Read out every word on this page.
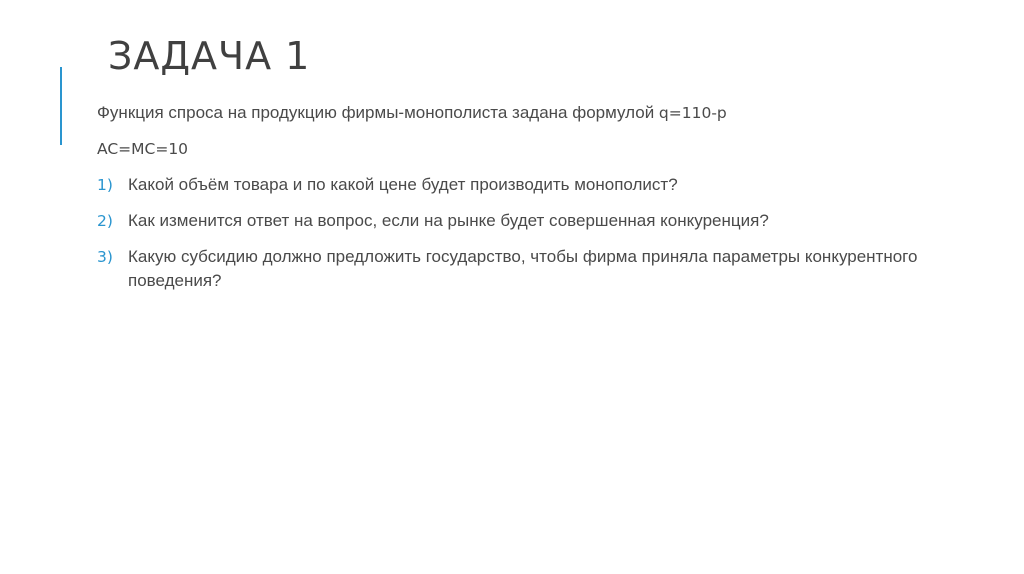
ЗАДАЧА 1

Функция спроса на продукцию фирмы-монополиста задана формулой q=110-p

AC=MC=10

1) Какой объём товара и по какой цене будет производить монополист?
2) Как изменится ответ на вопрос, если на рынке будет совершенная конкуренция?
3) Какую субсидию должно предложить государство, чтобы фирма приняла параметры конкурентного поведения?
